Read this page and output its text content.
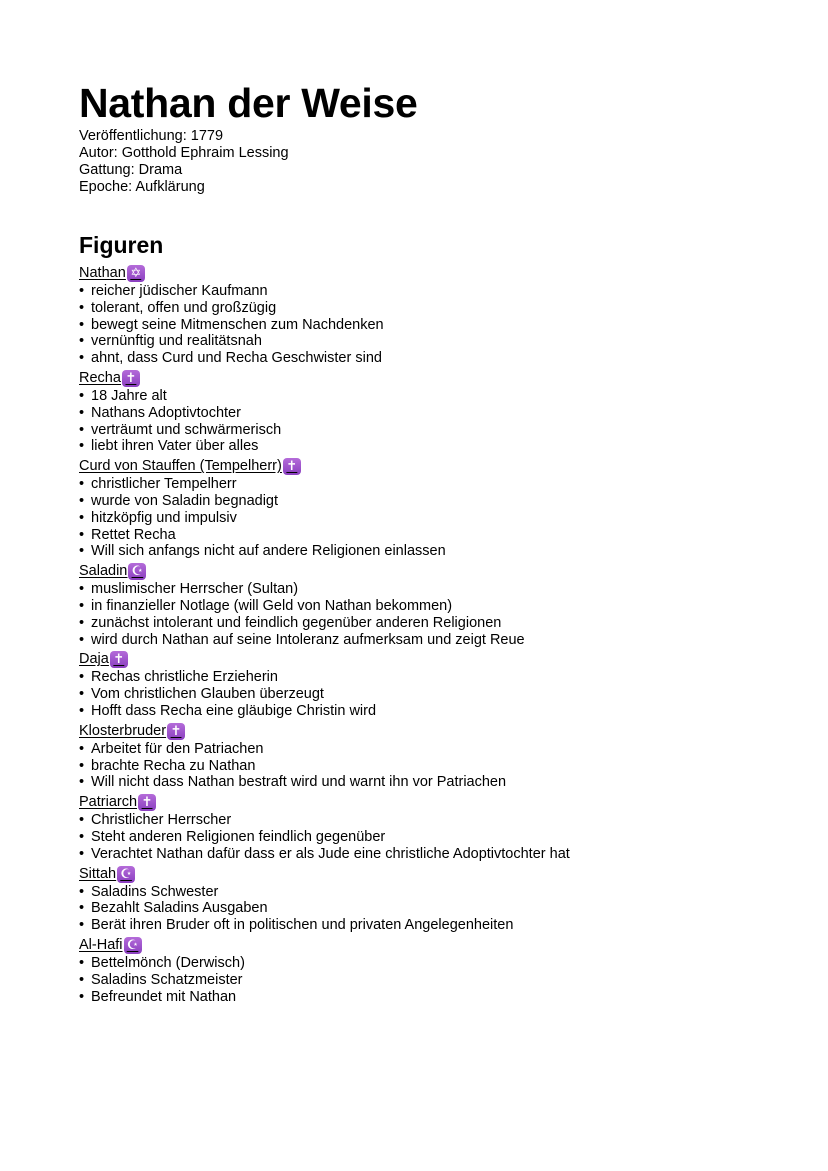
Nathan der Weise
Veröffentlichung: 1779
Autor: Gotthold Ephraim Lessing
Gattung: Drama
Epoche: Aufklärung
Figuren
Nathan ✡
• reicher jüdischer Kaufmann
• tolerant, offen und großzügig
• bewegt seine Mitmenschen zum Nachdenken
• vernünftig und realitätsnah
• ahnt, dass Curd und Recha Geschwister sind
Recha ✝
• 18 Jahre alt
• Nathans Adoptivtochter
• verträumt und schwärmerisch
• liebt ihren Vater über alles
Curd von Stauffen (Tempelherr) ✝
• christlicher Tempelherr
• wurde von Saladin begnadigt
• hitzköpfig und impulsiv
• Rettet Recha
• Will sich anfangs nicht auf andere Religionen einlassen
Saladin ☪
• muslimischer Herrscher (Sultan)
• in finanzieller Notlage (will Geld von Nathan bekommen)
• zunächst intolerant und feindlich gegenüber anderen Religionen
• wird durch Nathan auf seine Intoleranz aufmerksam und zeigt Reue
Daja ✝
• Rechas christliche Erzieherin
• Vom christlichen Glauben überzeugt
• Hofft dass Recha eine gläubige Christin wird
Klosterbruder ✝
• Arbeitet für den Patriachen
• brachte Recha zu Nathan
• Will nicht dass Nathan bestraft wird und warnt ihn vor Patriachen
Patriarch ✝
• Christlicher Herrscher
• Steht anderen Religionen feindlich gegenüber
• Verachtet Nathan dafür dass er als Jude eine christliche Adoptivtochter hat
Sittah ☪
• Saladins Schwester
• Bezahlt Saladins Ausgaben
• Berät ihren Bruder oft in politischen und privaten Angelegenheiten
Al-Hafi ☪
• Bettelmönch (Derwisch)
• Saladins Schatzmeister
• Befreundet mit Nathan
